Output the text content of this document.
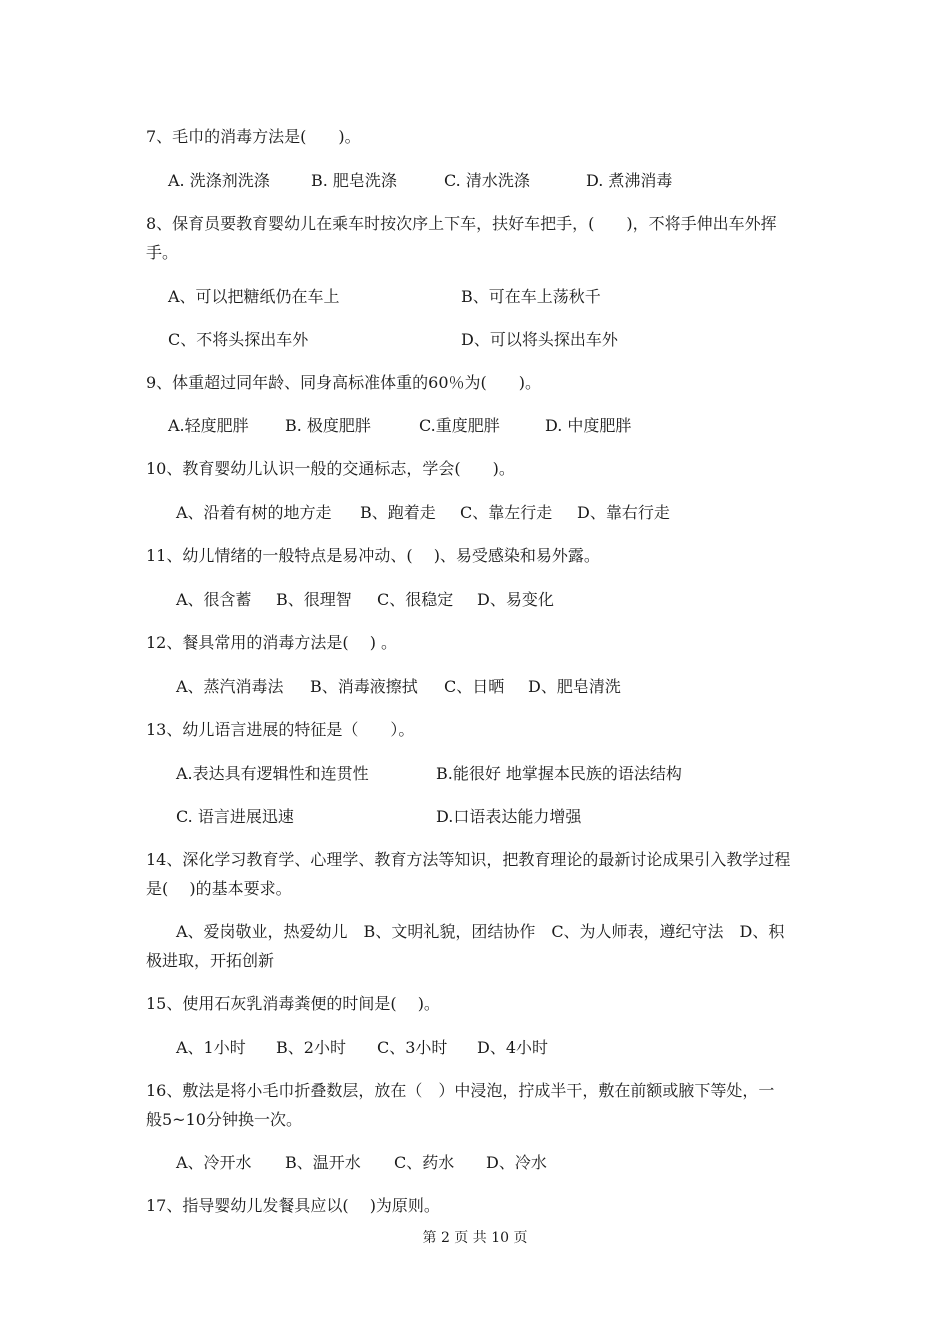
7、毛巾的消毒方法是(　　)。
A. 洗涤剂洗涤	B. 肥皂洗涤	C. 清水洗涤	D. 煮沸消毒
8、保育员要教育婴幼儿在乘车时按次序上下车，扶好车把手，(　　)，不将手伸出车外挥
手。
A、可以把糖纸仍在车上	B、可在车上荡秋千
C、不将头探出车外	D、可以将头探出车外
9、体重超过同年龄、同身高标准体重的60％为(　　)。
A.轻度肥胖 B. 极度肥胖	C.重度肥胖	D. 中度肥胖
10、教育婴幼儿认识一般的交通标志，学会(　　)。
A、沿着有树的地方走 B、跑着走 C、靠左行走 D、靠右行走
11、幼儿情绪的一般特点是易冲动、(　 )、易受感染和易外露。
A、很含蓄 B、很理智 C、很稳定 D、易变化
12、餐具常用的消毒方法是(　 ) 。
A、蒸汽消毒法 B、消毒液擦拭 C、日晒 D、肥皂清洗
13、幼儿语言进展的特征是（　　）。
A.表达具有逻辑性和连贯性	B.能很好 地掌握本民族的语法结构
C. 语言进展迅速	D.口语表达能力增强
14、深化学习教育学、心理学、教育方法等知识，把教育理论的最新讨论成果引入教学过程
是(　 )的基本要求。
A、爱岗敬业，热爱幼儿　B、文明礼貌，团结协作　C、为人师表，遵纪守法　D、积
极进取，开拓创新
15、使用石灰乳消毒粪便的时间是(　 )。
A、1小时 B、2小时 C、3小时 D、4小时
16、敷法是将小毛巾折叠数层，放在（　）中浸泡，拧成半干，敷在前额或腋下等处，一
般5~10分钟换一次。
A、冷开水 B、温开水 C、药水 D、冷水
17、指导婴幼儿发餐具应以(　 )为原则。
第 2 页 共 10 页
